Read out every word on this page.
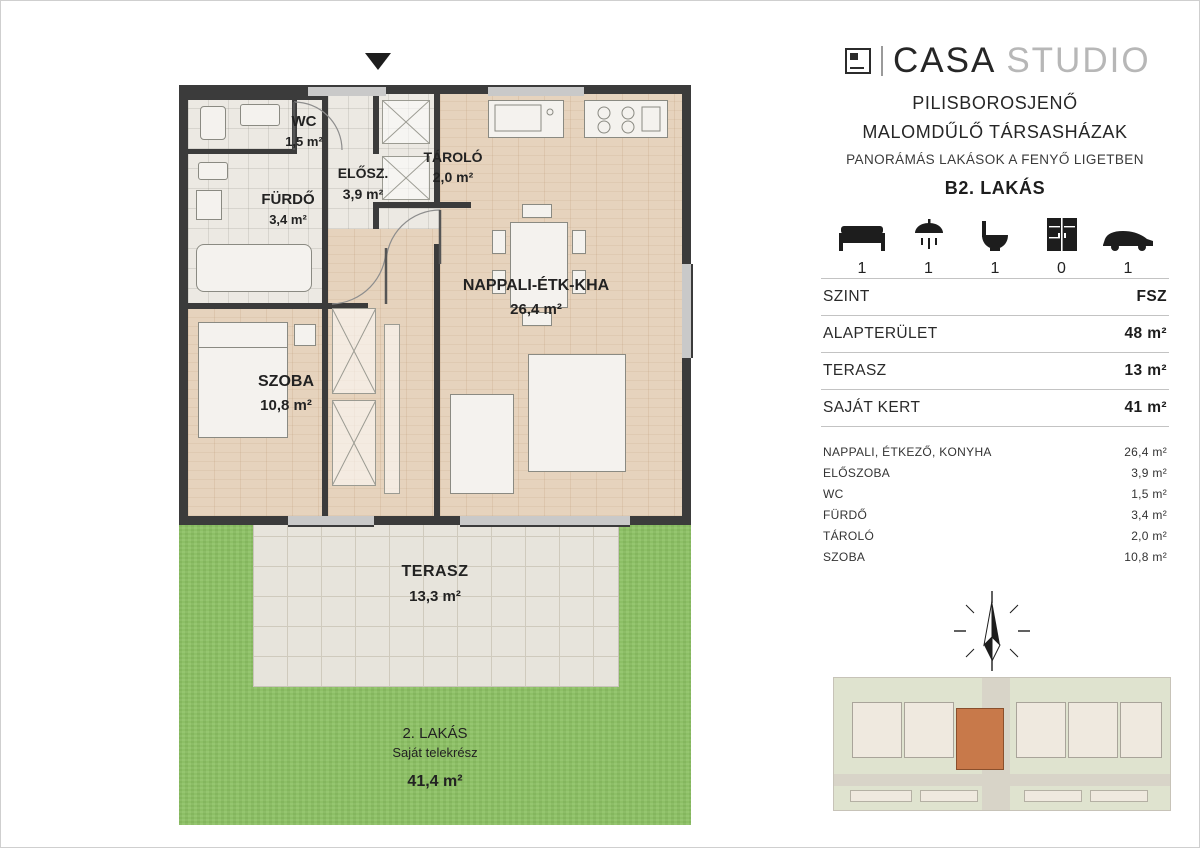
TERASZ
13,3 m²
2. LAKÁS
Saját telekrész
41,4 m²
WC
1,5 m²
FÜRDŐ
3,4 m²
ELŐSZ.
3,9 m²
TÁROLÓ
2,0 m²
NAPPALI-ÉTK-KHA
26,4 m²
SZOBA
10,8 m²
CASA STUDIO
PILISBOROSJENŐ
MALOMDŰLŐ TÁRSASHÁZAK
PANORÁMÁS LAKÁSOK A FENYŐ LIGETBEN
B2. LAKÁS
1	1	1	0	1
SZINT	FSZ
ALAPTERÜLET	48 m²
TERASZ	13 m²
SAJÁT KERT	41 m²
NAPPALI, ÉTKEZŐ, KONYHA	26,4 m²
ELŐSZOBA	3,9 m²
WC	1,5 m²
FÜRDŐ	3,4 m²
TÁROLÓ	2,0 m²
SZOBA	10,8 m²
